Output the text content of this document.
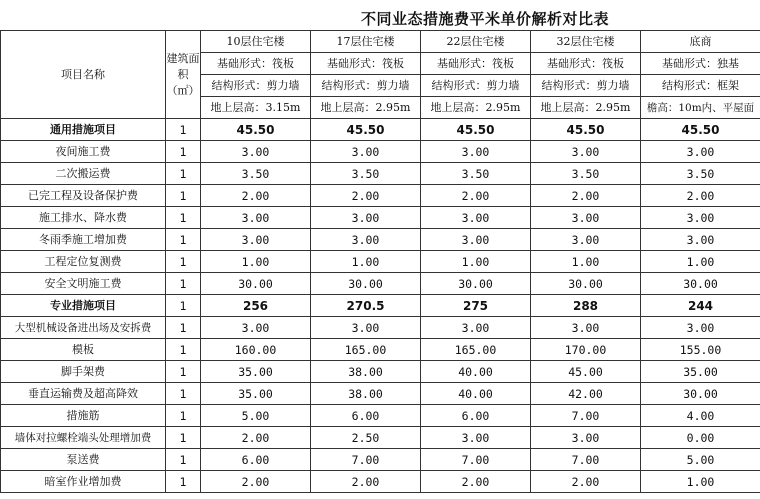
不同业态措施费平米单价解析对比表
项目名称	建筑面积（㎡）	10层住宅楼	17层住宅楼	22层住宅楼	32层住宅楼	底商
		基础形式：筏板	基础形式：筏板	基础形式：筏板	基础形式：筏板	基础形式：独基
		结构形式：剪力墙	结构形式：剪力墙	结构形式：剪力墙	结构形式：剪力墙	结构形式：框架
		地上层高：3.15m	地上层高：2.95m	地上层高：2.95m	地上层高：2.95m	檐高：10m内、平屋面
通用措施项目	1	45.50	45.50	45.50	45.50	45.50
夜间施工费	1	3.00	3.00	3.00	3.00	3.00
二次搬运费	1	3.50	3.50	3.50	3.50	3.50
已完工程及设备保护费	1	2.00	2.00	2.00	2.00	2.00
施工排水、降水费	1	3.00	3.00	3.00	3.00	3.00
冬雨季施工增加费	1	3.00	3.00	3.00	3.00	3.00
工程定位复测费	1	1.00	1.00	1.00	1.00	1.00
安全文明施工费	1	30.00	30.00	30.00	30.00	30.00
专业措施项目	1	256	270.5	275	288	244
大型机械设备进出场及安拆费	1	3.00	3.00	3.00	3.00	3.00
模板	1	160.00	165.00	165.00	170.00	155.00
脚手架费	1	35.00	38.00	40.00	45.00	35.00
垂直运输费及超高降效	1	35.00	38.00	40.00	42.00	30.00
措施筋	1	5.00	6.00	6.00	7.00	4.00
墙体对拉螺栓端头处理增加费	1	2.00	2.50	3.00	3.00	0.00
泵送费	1	6.00	7.00	7.00	7.00	5.00
暗室作业增加费	1	2.00	2.00	2.00	2.00	1.00
